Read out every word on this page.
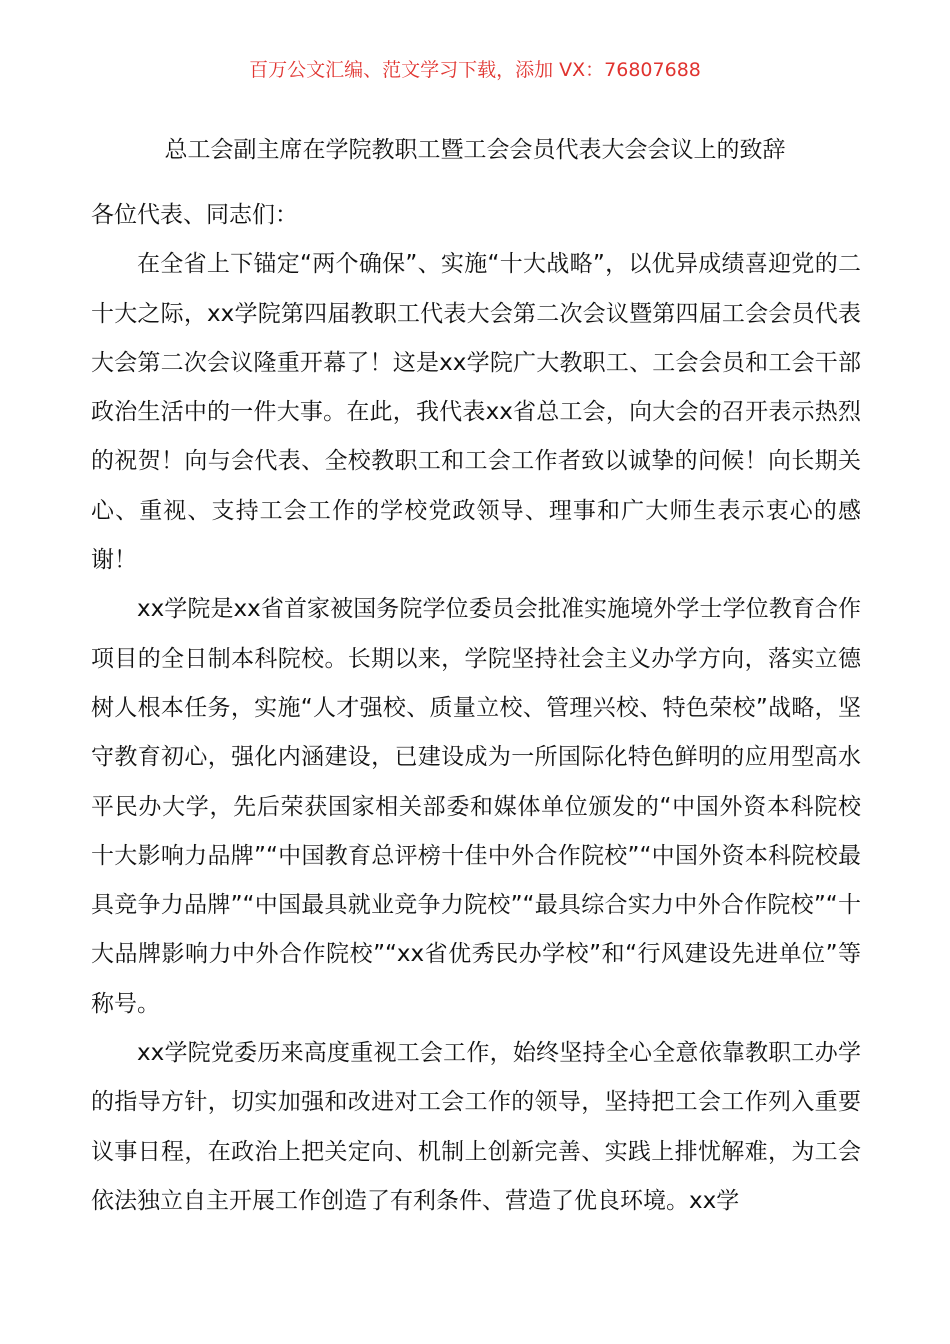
百万公文汇编、范文学习下载，添加 VX：76807688
总工会副主席在学院教职工暨工会会员代表大会会议上的致辞

各位代表、同志们：

在全省上下锚定“两个确保”、实施“十大战略”，以优异成绩喜迎党的二十大之际，xx学院第四届教职工代表大会第二次会议暨第四届工会会员代表大会第二次会议隆重开幕了！这是xx学院广大教职工、工会会员和工会干部政治生活中的一件大事。在此，我代表xx省总工会，向大会的召开表示热烈的祝贺！向与会代表、全校教职工和工会工作者致以诚挚的问候！向长期关心、重视、支持工会工作的学校党政领导、理事和广大师生表示衷心的感谢！

xx学院是xx省首家被国务院学位委员会批准实施境外学士学位教育合作项目的全日制本科院校。长期以来，学院坚持社会主义办学方向，落实立德树人根本任务，实施“人才强校、质量立校、管理兴校、特色荣校”战略，坚守教育初心，强化内涵建设，已建设成为一所国际化特色鲜明的应用型高水平民办大学，先后荣获国家相关部委和媒体单位颁发的“中国外资本科院校十大影响力品牌”“中国教育总评榜十佳中外合作院校”“中国外资本科院校最具竞争力品牌”“中国最具就业竞争力院校”“最具综合实力中外合作院校”“十大品牌影响力中外合作院校”“xx省优秀民办学校”和“行风建设先进单位”等称号。

xx学院党委历来高度重视工会工作，始终坚持全心全意依靠教职工办学的指导方针，切实加强和改进对工会工作的领导，坚持把工会工作列入重要议事日程，在政治上把关定向、机制上创新完善、实践上排忧解难，为工会依法独立自主开展工作创造了有利条件、营造了优良环境。xx学
